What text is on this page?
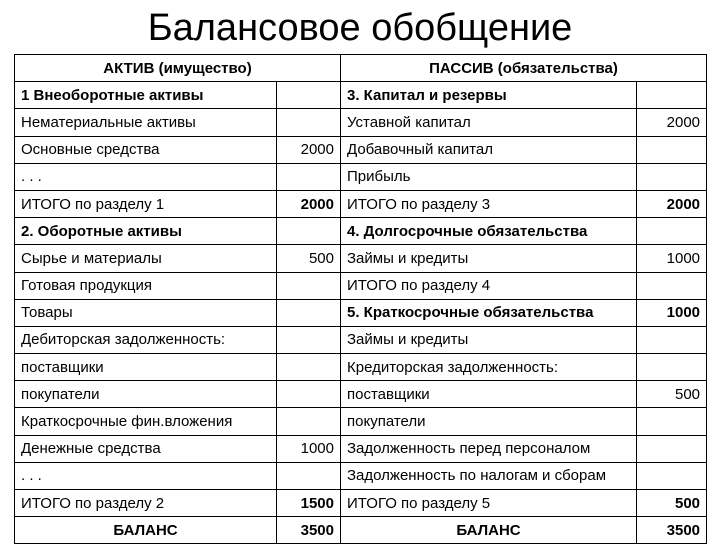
Балансовое обобщение
АКТИВ (имущество)		ПАССИВ (обязательства)	
1 Внеоборотные активы		3. Капитал и резервы	
Нематериальные активы		Уставной капитал	2000
Основные средства	2000	Добавочный капитал	
. . .		Прибыль	
ИТОГО по разделу 1	2000	ИТОГО по разделу 3	2000
2. Оборотные активы		4. Долгосрочные обязательства	
Сырье и материалы	500	Займы и кредиты	1000
Готовая продукция		ИТОГО по разделу 4	
Товары		5. Краткосрочные обязательства	1000
Дебиторская задолженность:		Займы и кредиты	
поставщики		Кредиторская задолженность:	
покупатели		поставщики	500
Краткосрочные фин.вложения		покупатели	
Денежные средства	1000	Задолженность перед персоналом	
. . .		Задолженность по налогам и сборам	
ИТОГО по разделу 2	1500	ИТОГО по разделу 5	500
БАЛАНС	3500	БАЛАНС	3500
